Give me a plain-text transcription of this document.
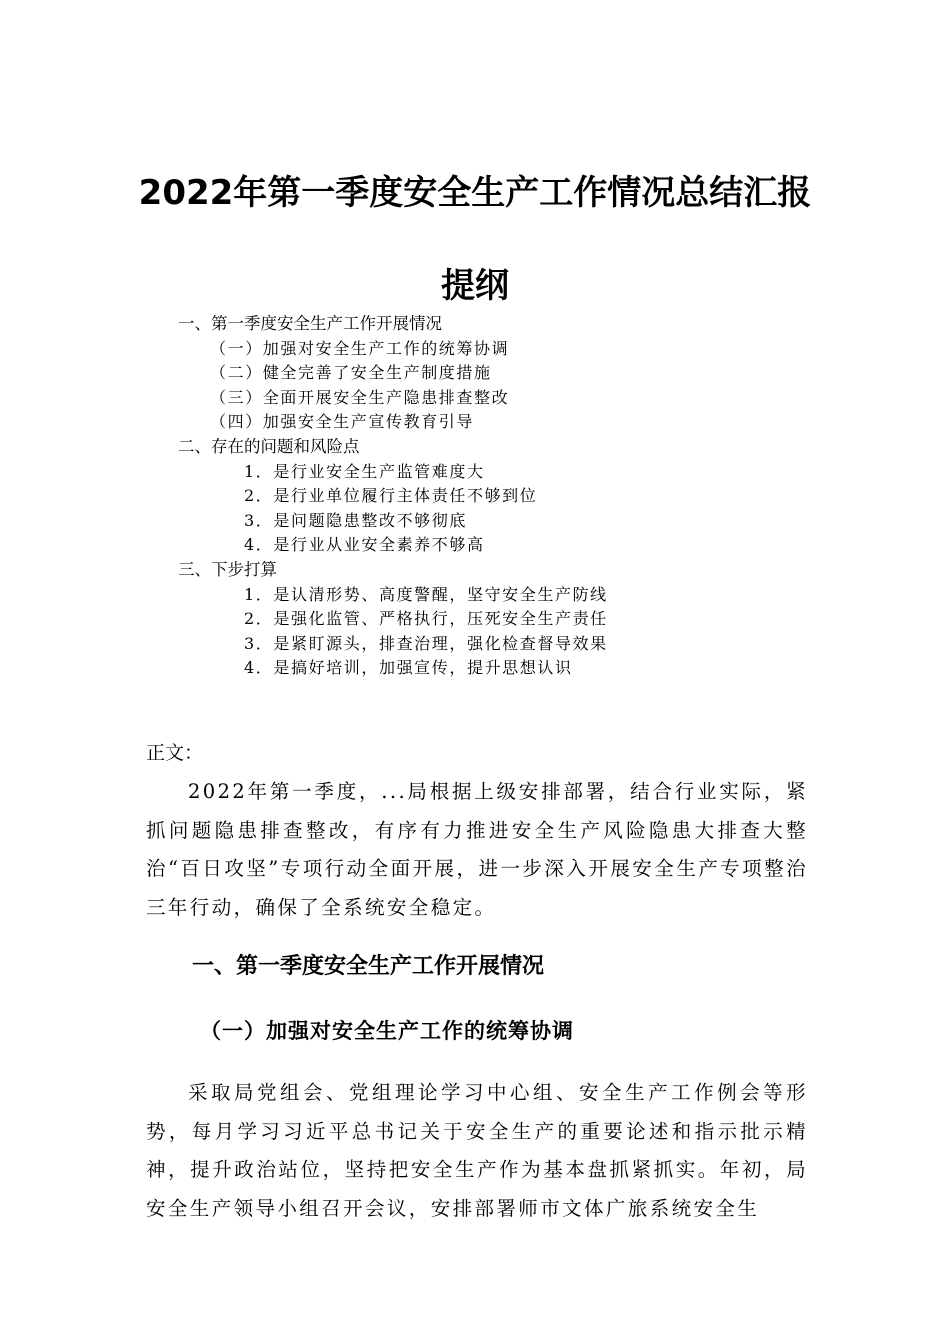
2022年第一季度安全生产工作情况总结汇报
提纲
一、第一季度安全生产工作开展情况
（一）加强对安全生产工作的统筹协调
（二）健全完善了安全生产制度措施
（三）全面开展安全生产隐患排查整改
（四）加强安全生产宣传教育引导
二、存在的问题和风险点
1．是行业安全生产监管难度大
2．是行业单位履行主体责任不够到位
3．是问题隐患整改不够彻底
4．是行业从业安全素养不够高
三、下步打算
1．是认清形势、高度警醒，坚守安全生产防线
2．是强化监管、严格执行，压死安全生产责任
3．是紧盯源头，排查治理，强化检查督导效果
4．是搞好培训，加强宣传，提升思想认识
正文：

2022年第一季度，...局根据上级安排部署，结合行业实际，紧抓问题隐患排查整改，有序有力推进安全生产风险隐患大排查大整治“百日攻坚”专项行动全面开展，进一步深入开展安全生产专项整治三年行动，确保了全系统安全稳定。

一、第一季度安全生产工作开展情况
（一）加强对安全生产工作的统筹协调

采取局党组会、党组理论学习中心组、安全生产工作例会等形势，每月学习习近平总书记关于安全生产的重要论述和指示批示精神，提升政治站位，坚持把安全生产作为基本盘抓紧抓实。年初，局安全生产领导小组召开会议，安排部署师市文体广旅系统安全生
